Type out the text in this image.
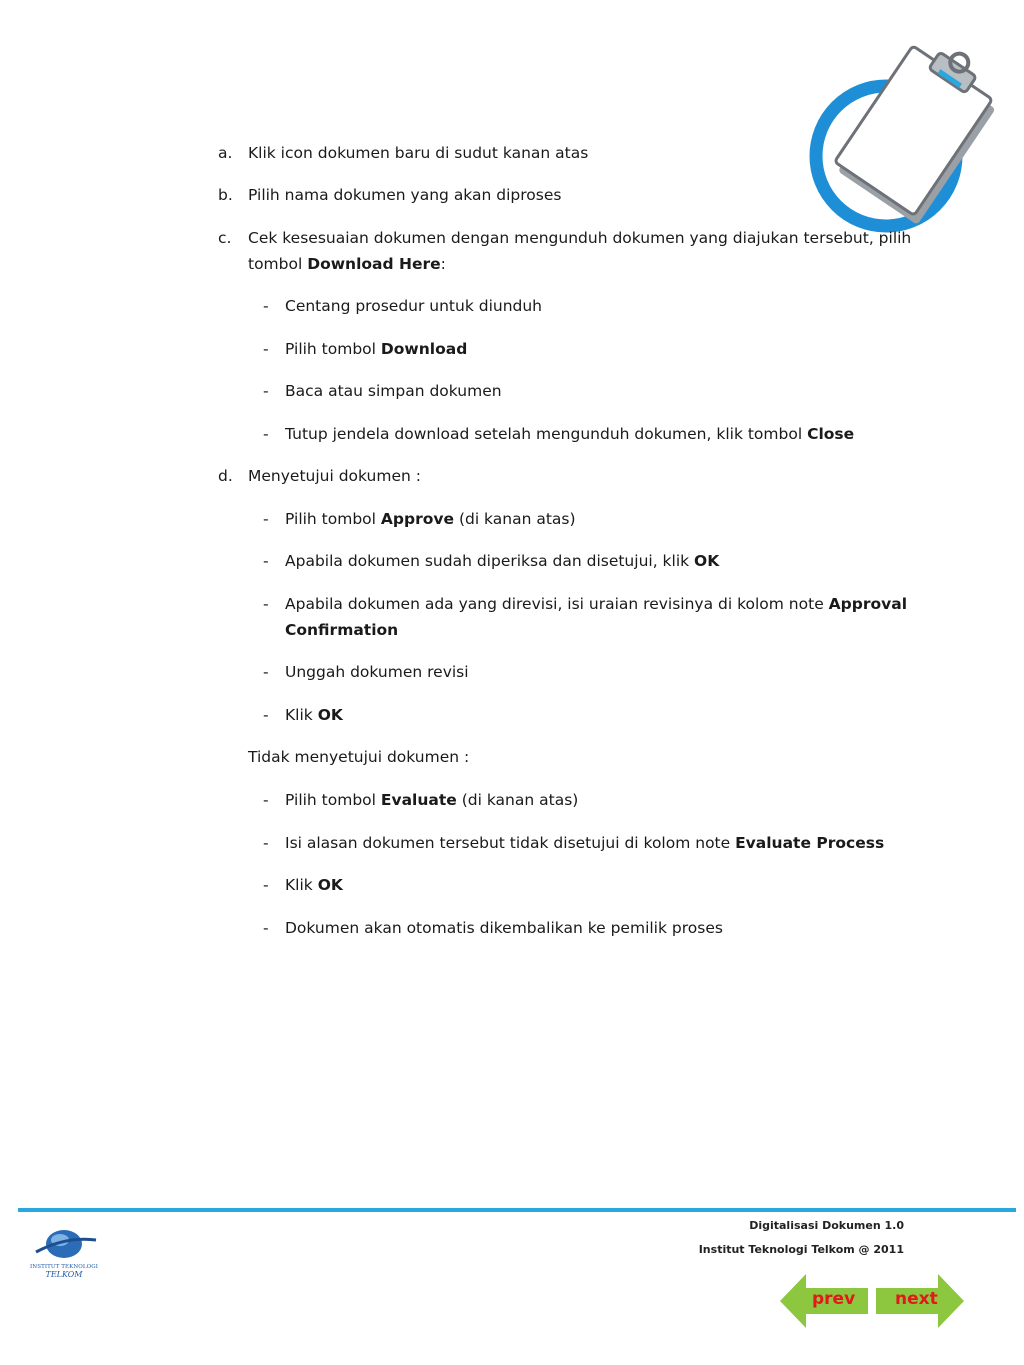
a.	Klik icon dokumen baru di sudut kanan atas
b. Pilih nama dokumen yang akan diproses
c.	Cek kesesuaian dokumen dengan mengunduh dokumen yang diajukan tersebut, pilih
tombol Download Here:
-	Centang prosedur untuk diunduh
-	Pilih tombol Download
-	Baca atau simpan dokumen
-	Tutup jendela download setelah mengunduh dokumen, klik tombol Close
d. Menyetujui dokumen :
-	Pilih tombol Approve (di kanan atas)
-	Apabila dokumen sudah diperiksa dan disetujui, klik OK
-	Apabila dokumen ada yang direvisi, isi uraian revisinya di kolom note Approval
Confirmation
-	Unggah dokumen revisi
-	Klik OK
Tidak menyetujui dokumen :
-	Pilih tombol Evaluate (di kanan atas)
-	Isi alasan dokumen tersebut tidak disetujui di kolom note Evaluate Process
-	Klik OK
-	Dokumen akan otomatis dikembalikan ke pemilik proses
INSTITUT TEKNOLOGI
TELKOM
Digitalisasi Dokumen 1.0
Institut Teknologi Telkom @ 2011
prev next
